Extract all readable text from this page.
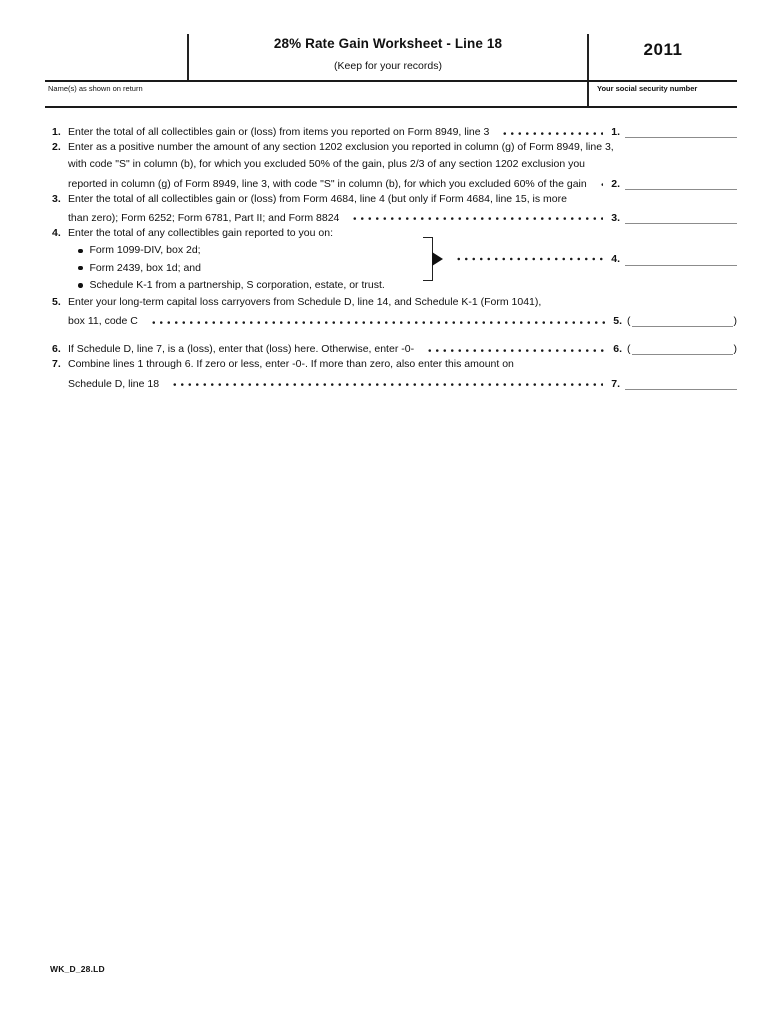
28% Rate Gain Worksheet - Line 18
(Keep for your records)
2011
Name(s) as shown on return	Your social security number
1. Enter the total of all collectibles gain or (loss) from items you reported on Form 8949, line 3	1.
2. Enter as a positive number the amount of any section 1202 exclusion you reported in column (g) of Form 8949, line 3,
with code "S" in column (b), for which you excluded 50% of the gain, plus 2/3 of any section 1202 exclusion you
reported in column (g) of Form 8949, line 3, with code "S" in column (b), for which you excluded 60% of the gain 2.
3. Enter the total of all collectibles gain or (loss) from Form 4684, line 4 (but only if Form 4684, line 15, is more
than zero); Form 6252; Form 6781, Part II; and Form 8824	3.
4. Enter the total of any collectibles gain reported to you on:
Form 1099-DIV, box 2d;
Form 2439, box 1d; and
Schedule K-1 from a partnership, S corporation, estate, or trust.
4.
5. Enter your long-term capital loss carryovers from Schedule D, line 14, and Schedule K-1 (Form 1041),
box 11, code C	5. (	)
6. If Schedule D, line 7, is a (loss), enter that (loss) here. Otherwise, enter -0-	6. (	)
7. Combine lines 1 through 6. If zero or less, enter -0-. If more than zero, also enter this amount on
Schedule D, line 18	7.
WK_D_28.LD
